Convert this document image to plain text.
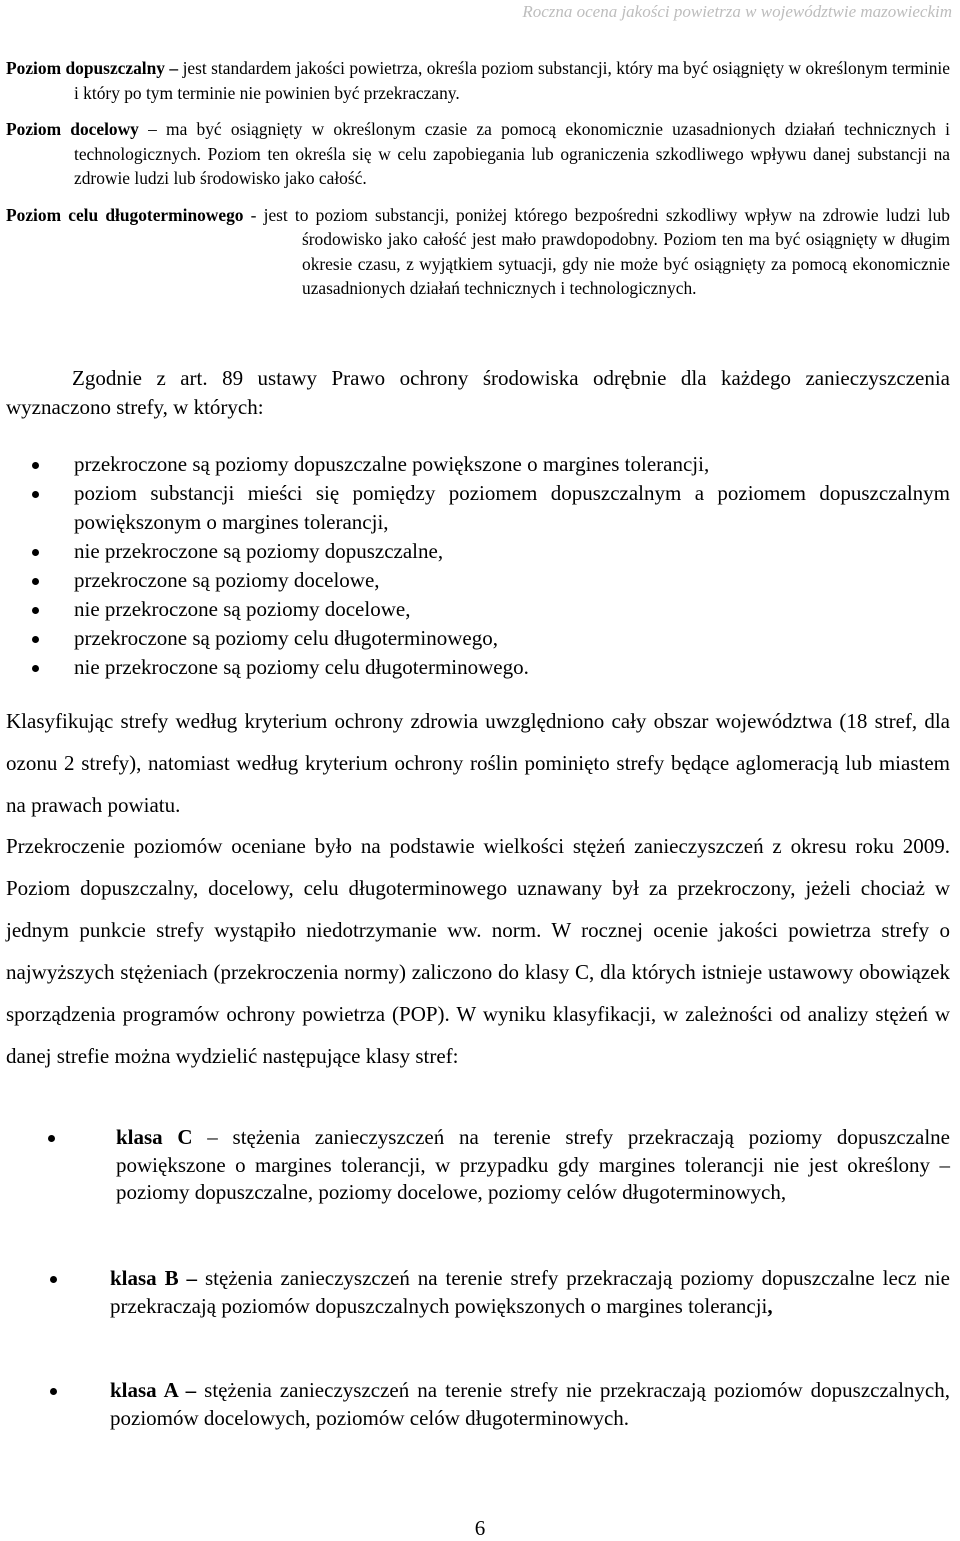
Roczna ocena jakości powietrza w województwie mazowieckim

Poziom dopuszczalny – jest standardem jakości powietrza, określa poziom substancji, który ma być osiągnięty w określonym terminie i który po tym terminie nie powinien być przekraczany.

Poziom docelowy – ma być osiągnięty w określonym czasie za pomocą ekonomicznie uzasadnionych działań technicznych i technologicznych. Poziom ten określa się w celu zapobiegania lub ograniczenia szkodliwego wpływu danej substancji na zdrowie ludzi lub środowisko jako całość.

Poziom celu długoterminowego - jest to poziom substancji, poniżej którego bezpośredni szkodliwy wpływ na zdrowie ludzi lub środowisko jako całość jest mało prawdopodobny. Poziom ten ma być osiągnięty w długim okresie czasu, z wyjątkiem sytuacji, gdy nie może być osiągnięty za pomocą ekonomicznie uzasadnionych działań technicznych i technologicznych.

Zgodnie z art. 89 ustawy Prawo ochrony środowiska odrębnie dla każdego zanieczyszczenia wyznaczono strefy, w których:

przekroczone są poziomy dopuszczalne powiększone o margines tolerancji,
poziom substancji mieści się pomiędzy poziomem dopuszczalnym a poziomem dopuszczalnym powiększonym o margines tolerancji,
nie przekroczone są poziomy dopuszczalne,
przekroczone są poziomy docelowe,
nie przekroczone są poziomy docelowe,
przekroczone są poziomy celu długoterminowego,
nie przekroczone są poziomy celu długoterminowego.

Klasyfikując strefy według kryterium ochrony zdrowia uwzględniono cały obszar województwa (18 stref, dla ozonu 2 strefy), natomiast według kryterium ochrony roślin pominięto strefy będące aglomeracją lub miastem na prawach powiatu.

Przekroczenie poziomów oceniane było na podstawie wielkości stężeń zanieczyszczeń z okresu roku 2009. Poziom dopuszczalny, docelowy, celu długoterminowego uznawany był za przekroczony, jeżeli chociaż w jednym punkcie strefy wystąpiło niedotrzymanie ww. norm. W rocznej ocenie jakości powietrza strefy o najwyższych stężeniach (przekroczenia normy) zaliczono do klasy C, dla których istnieje ustawowy obowiązek sporządzenia programów ochrony powietrza (POP). W wyniku klasyfikacji, w zależności od analizy stężeń w danej strefie można wydzielić następujące klasy stref:

klasa C – stężenia zanieczyszczeń na terenie strefy przekraczają poziomy dopuszczalne powiększone o margines tolerancji, w przypadku gdy margines tolerancji nie jest określony – poziomy dopuszczalne, poziomy docelowe, poziomy celów długoterminowych,
klasa B – stężenia zanieczyszczeń na terenie strefy przekraczają poziomy dopuszczalne lecz nie przekraczają poziomów dopuszczalnych powiększonych o margines tolerancji,
klasa A – stężenia zanieczyszczeń na terenie strefy nie przekraczają poziomów dopuszczalnych, poziomów docelowych, poziomów celów długoterminowych.
6
